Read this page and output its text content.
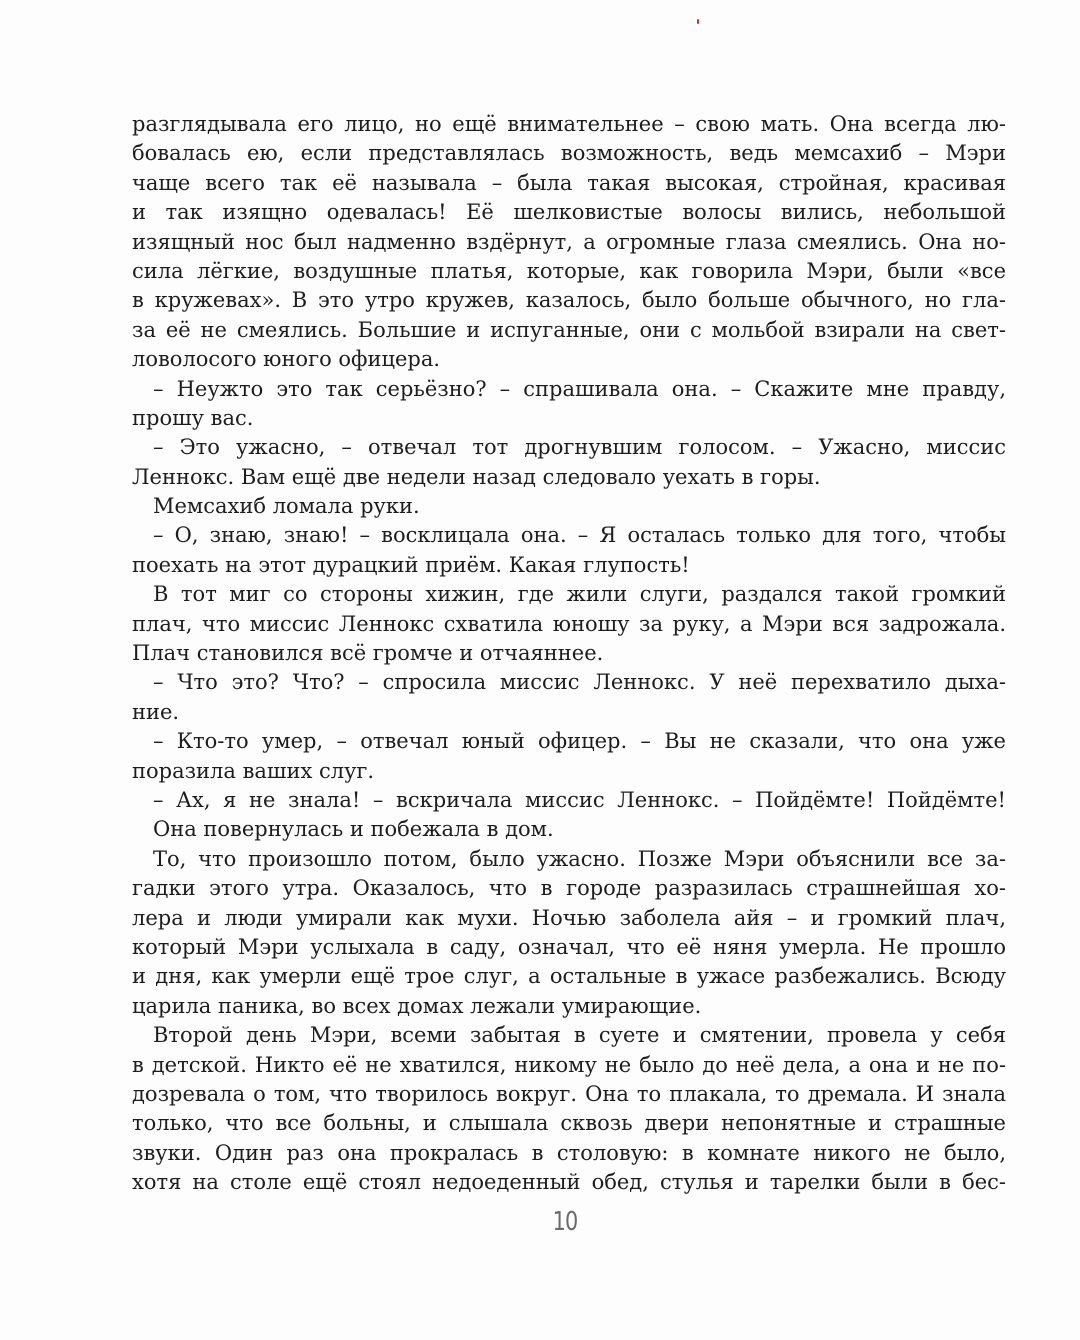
разглядывала его лицо, но ещё внимательнее – свою мать. Она всегда лю-
бовалась ею, если представлялась возможность, ведь мемсахиб – Мэри
чаще всего так её называла – была такая высокая, стройная, красивая
и так изящно одевалась! Её шелковистые волосы вились, небольшой
изящный нос был надменно вздёрнут, а огромные глаза смеялись. Она но-
сила лёгкие, воздушные платья, которые, как говорила Мэри, были «все
в кружевах». В это утро кружев, казалось, было больше обычного, но гла-
за её не смеялись. Большие и испуганные, они с мольбой взирали на свет-
ловолосого юного офицера.
– Неужто это так серьёзно? – спрашивала она. – Скажите мне правду,
прошу вас.
– Это ужасно, – отвечал тот дрогнувшим голосом. – Ужасно, миссис
Леннокс. Вам ещё две недели назад следовало уехать в горы.
Мемсахиб ломала руки.
– О, знаю, знаю! – восклицала она. – Я осталась только для того, чтобы
поехать на этот дурацкий приём. Какая глупость!
В тот миг со стороны хижин, где жили слуги, раздался такой громкий
плач, что миссис Леннокс схватила юношу за руку, а Мэри вся задрожала.
Плач становился всё громче и отчаяннее.
– Что это? Что? – спросила миссис Леннокс. У неё перехватило дыха-
ние.
– Кто-то умер, – отвечал юный офицер. – Вы не сказали, что она уже
поразила ваших слуг.
– Ах, я не знала! – вскричала миссис Леннокс. – Пойдёмте! Пойдёмте!
Она повернулась и побежала в дом.
То, что произошло потом, было ужасно. Позже Мэри объяснили все за-
гадки этого утра. Оказалось, что в городе разразилась страшнейшая хо-
лера и люди умирали как мухи. Ночью заболела айя – и громкий плач,
который Мэри услыхала в саду, означал, что её няня умерла. Не прошло
и дня, как умерли ещё трое слуг, а остальные в ужасе разбежались. Всюду
царила паника, во всех домах лежали умирающие.
Второй день Мэри, всеми забытая в суете и смятении, провела у себя
в детской. Никто её не хватился, никому не было до неё дела, а она и не по-
дозревала о том, что творилось вокруг. Она то плакала, то дремала. И знала
только, что все больны, и слышала сквозь двери непонятные и страшные
звуки. Один раз она прокралась в столовую: в комнате никого не было,
хотя на столе ещё стоял недоеденный обед, стулья и тарелки были в бес-
10
